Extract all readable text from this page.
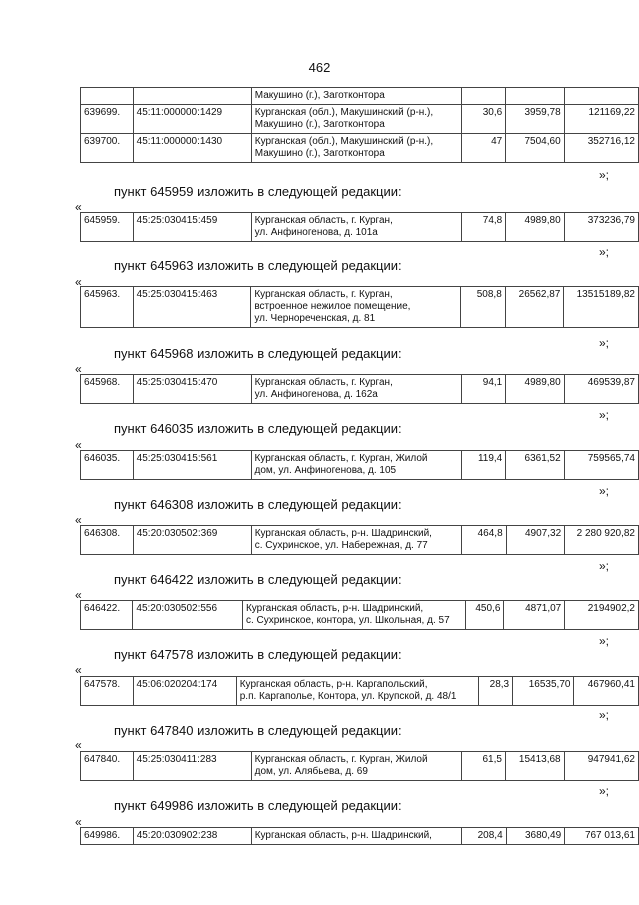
462
		Макушино (г.), Заготконтора			
639699.	45:11:000000:1429	Курганская (обл.), Макушинский (р-н.),
Макушино (г.), Заготконтора	30,6	3959,78	121169,22
639700.	45:11:000000:1430	Курганская (обл.), Макушинский (р-н.),
Макушино (г.), Заготконтора	47	7504,60	352716,12
»;
пункт 645959 изложить в следующей редакции:
«
645959.	45:25:030415:459	Курганская область, г. Курган,
ул. Анфиногенова, д. 101а	74,8	4989,80	373236,79
»;
пункт 645963 изложить в следующей редакции:
«
645963.	45:25:030415:463	Курганская область, г. Курган,
встроенное нежилое помещение,
ул. Черноречeнская, д. 81	508,8	26562,87	13515189,82
»;
пункт 645968 изложить в следующей редакции:
«
645968.	45:25:030415:470	Курганская область, г. Курган,
ул. Анфиногенова, д. 162а	94,1	4989,80	469539,87
»;
пункт 646035 изложить в следующей редакции:
«
646035.	45:25:030415:561	Курганская область, г. Курган, Жилой
дом, ул. Анфиногенова, д. 105	119,4	6361,52	759565,74
»;
пункт 646308 изложить в следующей редакции:
«
646308.	45:20:030502:369	Курганская область, р-н. Шадринский,
с. Сухринское, ул. Набережная, д. 77	464,8	4907,32	2 280 920,82
»;
пункт 646422 изложить в следующей редакции:
«
646422.	45:20:030502:556	Курганская область, р-н. Шадринский,
с. Сухринское, контора, ул. Школьная, д. 57	450,6	4871,07	2194902,2
»;
пункт 647578 изложить в следующей редакции:
«
647578.	45:06:020204:174	Курганская область, р-н. Каргапольский,
р.п. Каргаполье, Контора, ул. Крупской, д. 48/1	28,3	16535,70	467960,41
»;
пункт 647840 изложить в следующей редакции:
«
647840.	45:25:030411:283	Курганская область, г. Курган, Жилой
дом, ул. Алябьева, д. 69	61,5	15413,68	947941,62
»;
пункт 649986 изложить в следующей редакции:
«
649986.	45:20:030902:238	Курганская область, р-н. Шадринский,	208,4	3680,49	767 013,61
